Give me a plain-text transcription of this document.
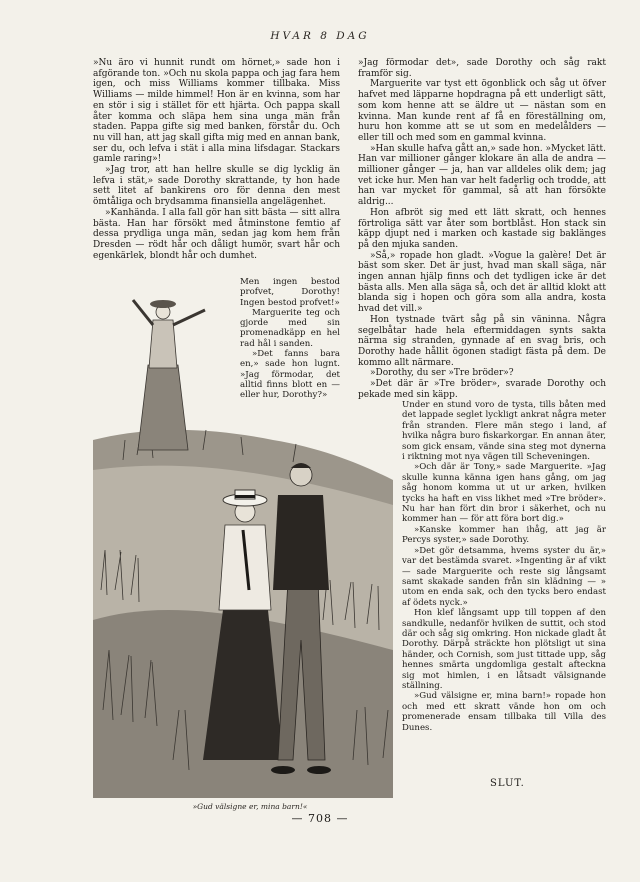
HVAR 8 DAG

»Nu äro vi hunnit rundt om hörnet,» sade hon i afgörande ton. »Och nu skola pappa och jag fara hem igen, och miss Williams kommer tillbaka. Miss Williams — milde himmel! Hon är en kvinna, som har en stör i sig i stället för ett hjärta. Och pappa skall åter komma och släpa hem sina unga män från staden. Pappa gifte sig med banken, förstår du. Och nu vill han, att jag skall gifta mig med en annan bank, ser du, och lefva i stät i alla mina lifsdagar. Stackars gamle raring»!

»Jag tror, att han hellre skulle se dig lycklig än lefva i stät,» sade Dorothy skrattande, ty hon hade sett litet af bankirens oro för denna den mest ömtåliga och brydsamma finansiella angelägenhet.

»Kanhända. I alla fall gör han sitt bästa — sitt allra bästa. Han har försökt med åtminstone femtio af dessa prydliga unga män, sedan jag kom hem från Dresden — rödt hår och dåligt humör, svart hår och egenkärlek, blondt hår och dumhet.

Men ingen bestod profvet, Dorothy! Ingen bestod profvet!»

Marguerite teg och gjorde med sin promenadkäpp en hel rad hål i sanden.

»Det fanns bara en,» sade hon lugnt. »Jag förmodar, det alltid finns blott en — eller hur, Dorothy?»

»Jag förmodar det», sade Dorothy och såg rakt framför sig.

Marguerite var tyst ett ögonblick och såg ut öfver hafvet med läpparne hopdragna på ett underligt sätt, som kom henne att se äldre ut — nästan som en kvinna. Man kunde rent af få en föreställning om, huru hon komme att se ut som en medelålders — eller till och med som en gammal kvinna.

»Han skulle hafva gått an,» sade hon. »Mycket lätt. Han var millioner gånger klokare än alla de andra — millioner gånger — ja, han var alldeles olik dem; jag vet icke hur. Men han var helt faderlig och trodde, att han var mycket för gammal, så att han försökte aldrig...

Hon afbröt sig med ett lätt skratt, och hennes förtroliga sätt var åter som bortblåst. Hon stack sin käpp djupt ned i marken och kastade sig baklänges på den mjuka sanden.

»Så,» ropade hon gladt. »Vogue la galère! Det är bäst som sker. Det är just, hvad man skall säga, när ingen annan hjälp finns och det tydligen icke är det bästa alls. Men alla säga så, och det är alltid klokt att blanda sig i hopen och göra som alla andra, kosta hvad det vill.»

Hon tystnade tvärt såg på sin väninna. Några segelbåtar hade hela eftermiddagen synts sakta närma sig stranden, gynnade af en svag bris, och Dorothy hade hållit ögonen stadigt fästa på dem. De kommo allt närmare.

»Dorothy, du ser »Tre bröder»?

»Det där är »Tre bröder», svarade Dorothy och pekade med sin käpp.

Under en stund voro de tysta, tills båten med det lappade seglet lyckligt ankrat några meter från stranden. Flere män stego i land, af hvilka några buro fiskarkorgar. En annan äter, som gick ensam, vände sina steg mot dynerna i riktning mot nya vägen till Scheveningen.

»Och där är Tony,» sade Marguerite. »Jag skulle kunna känna igen hans gång, om jag såg honom komma ut ut ur arken, hvilken tycks ha haft en viss likhet med »Tre bröder». Nu har han fört din bror i säkerhet, och nu kommer han — för att föra bort dig.»

»Kanske kommer han ihåg, att jag är Percys syster,» sade Dorothy.

»Det gör detsamma, hvems syster du är,» var det bestämda svaret. »Ingenting är af vikt — sade Marguerite och reste sig långsamt samt skakade sanden från sin klädning — » utom en enda sak, och den tycks bero endast af ödets nyck.»

Hon klef långsamt upp till toppen af den sandkulle, nedanför hvilken de suttit, och stod där och såg sig omkring. Hon nickade gladt åt Dorothy. Därpå sträckte hon plötsligt ut sina händer, och Cornish, som just tittade upp, såg hennes smärta ungdomliga gestalt afteckna sig mot himlen, i en låtsadt välsignande ställning.

»Gud välsigne er, mina barn!» ropade hon och med ett skratt vände hon om och promenerade ensam tillbaka till Villa des Dunes.

»Gud välsigne er, mina barn!«
SLUT.
— 708 —
